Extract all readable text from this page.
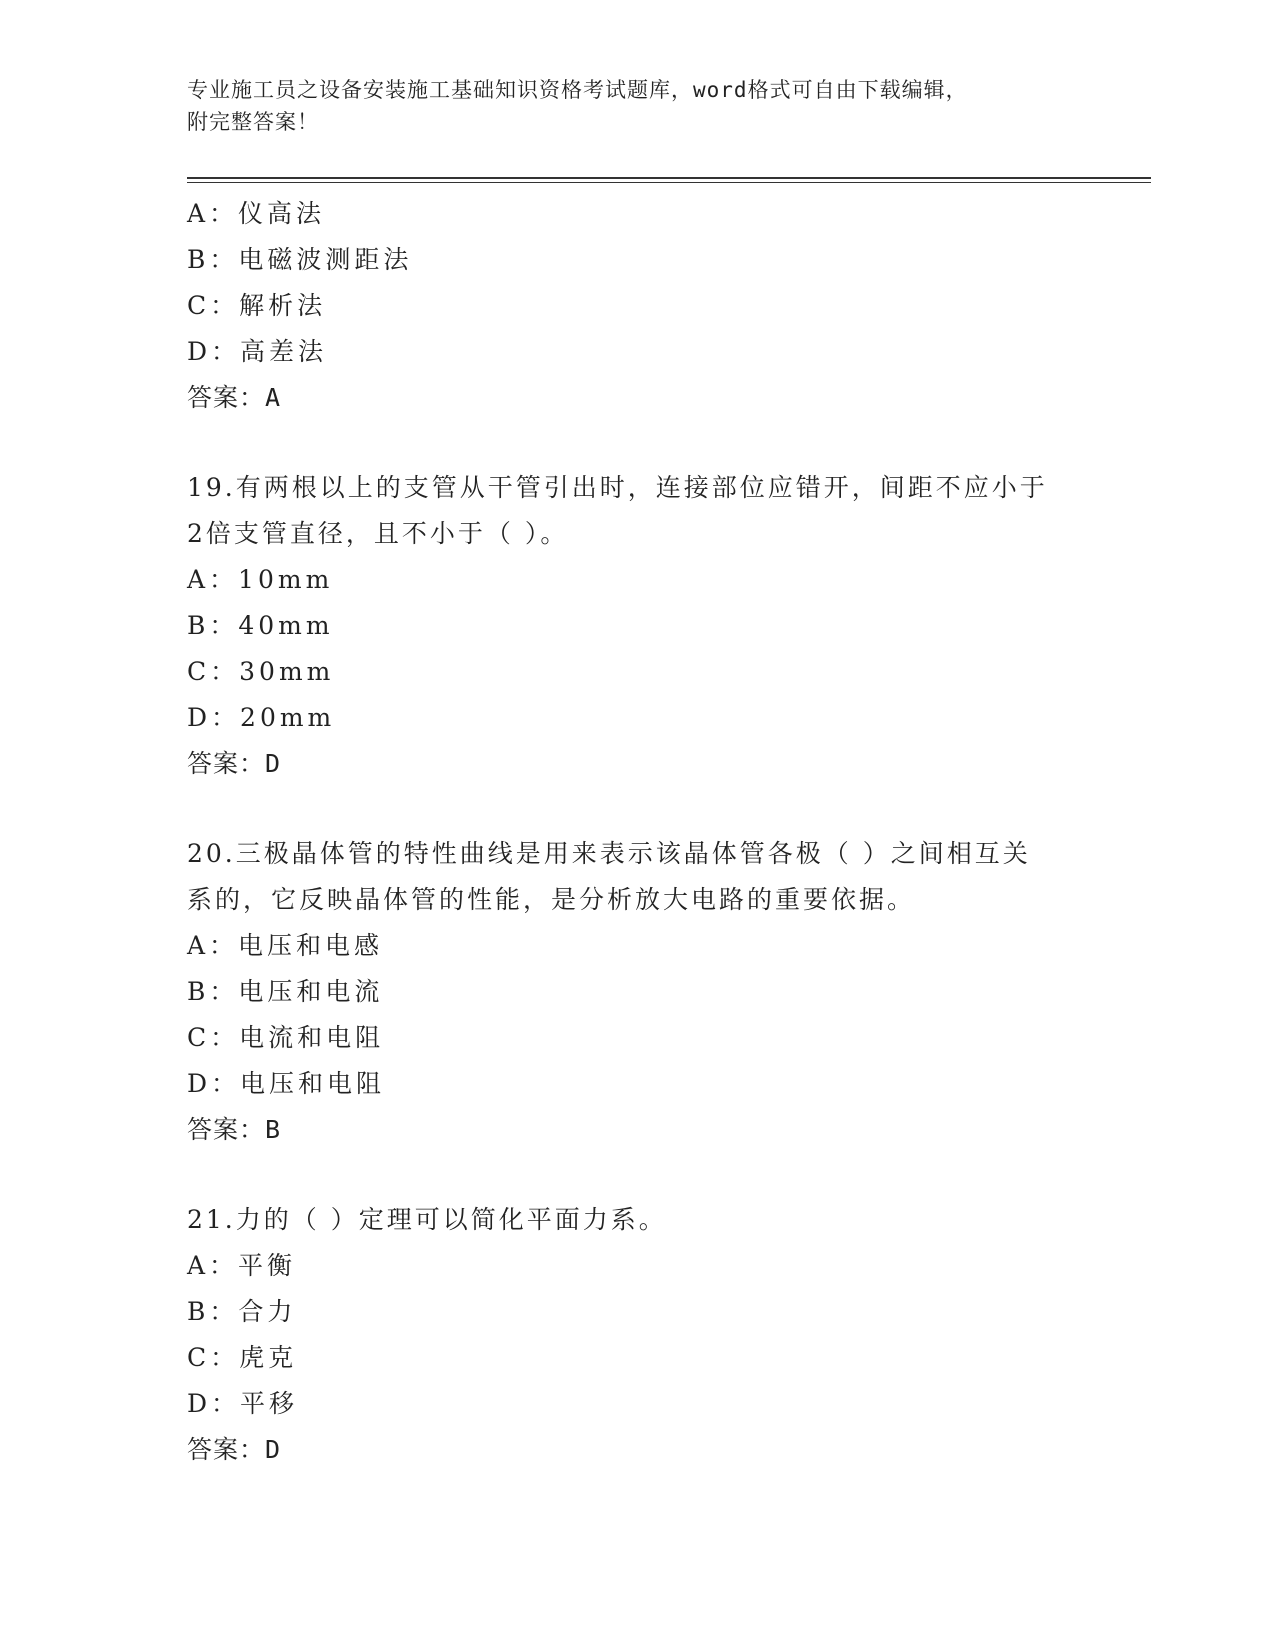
专业施工员之设备安装施工基础知识资格考试题库，word格式可自由下载编辑，
附完整答案！
A：仪高法
B：电磁波测距法
C：解析法
D：高差法
答案：A
19.有两根以上的支管从干管引出时，连接部位应错开，间距不应小于
2倍支管直径，且不小于（ ）。
A：10mm
B：40mm
C：30mm
D：20mm
答案：D
20.三极晶体管的特性曲线是用来表示该晶体管各极（ ）之间相互关
系的，它反映晶体管的性能，是分析放大电路的重要依据。
A：电压和电感
B：电压和电流
C：电流和电阻
D：电压和电阻
答案：B
21.力的（ ）定理可以简化平面力系。
A：平衡
B：合力
C：虎克
D：平移
答案：D
